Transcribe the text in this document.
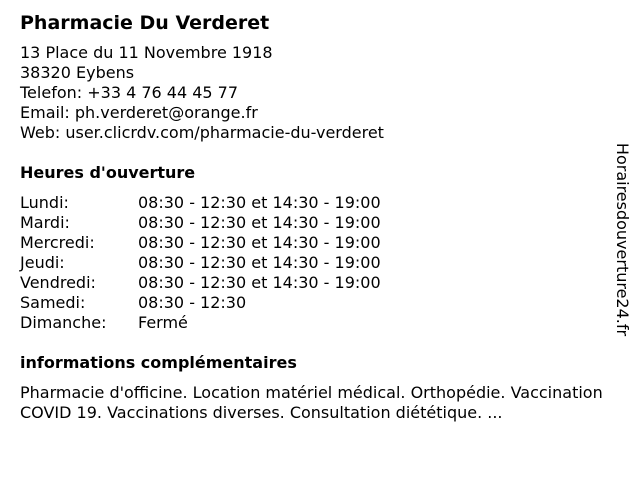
Pharmacie Du Verderet
13 Place du 11 Novembre 1918
38320 Eybens
Telefon: +33 4 76 44 45 77
Email: ph.verderet@orange.fr
Web: user.clicrdv.com/pharmacie-du-verderet
Heures d'ouverture
Lundi:	08:30 - 12:30 et 14:30 - 19:00
Mardi:	08:30 - 12:30 et 14:30 - 19:00
Mercredi:	08:30 - 12:30 et 14:30 - 19:00
Jeudi:	08:30 - 12:30 et 14:30 - 19:00
Vendredi:	08:30 - 12:30 et 14:30 - 19:00
Samedi:	08:30 - 12:30
Dimanche:	Fermé
informations complémentaires
Pharmacie d'officine. Location matériel médical. Orthopédie. Vaccination COVID 19. Vaccinations diverses. Consultation diététique. ...
Horairesdouverture24.fr
